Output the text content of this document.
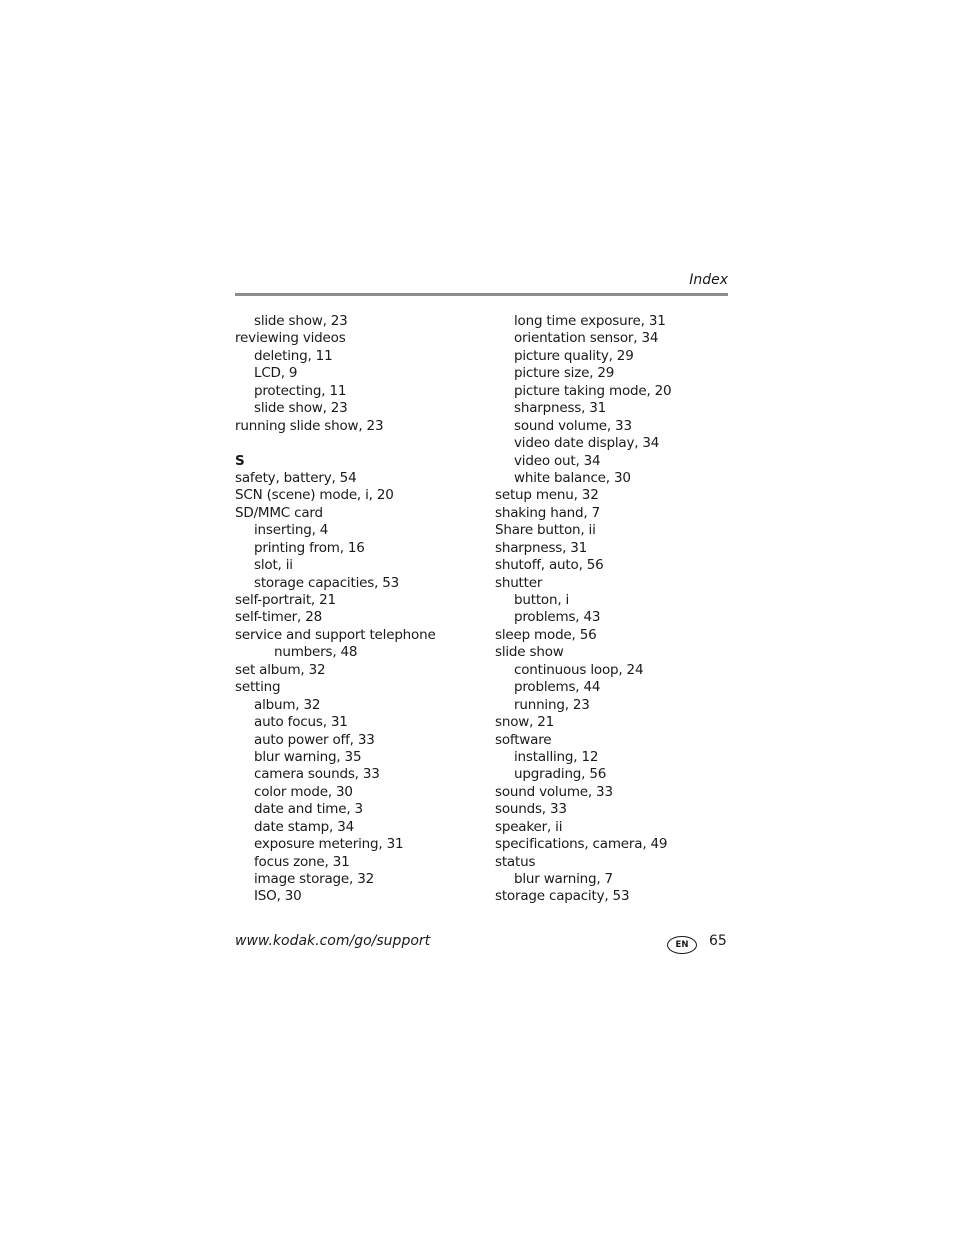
Index
slide show, 23
reviewing videos
deleting, 11
LCD, 9
protecting, 11
slide show, 23
running slide show, 23
S
safety, battery, 54
SCN (scene) mode, i, 20
SD/MMC card
inserting, 4
printing from, 16
slot, ii
storage capacities, 53
self-portrait, 21
self-timer, 28
service and support telephone
numbers, 48
set album, 32
setting
album, 32
auto focus, 31
auto power off, 33
blur warning, 35
camera sounds, 33
color mode, 30
date and time, 3
date stamp, 34
exposure metering, 31
focus zone, 31
image storage, 32
ISO, 30
long time exposure, 31
orientation sensor, 34
picture quality, 29
picture size, 29
picture taking mode, 20
sharpness, 31
sound volume, 33
video date display, 34
video out, 34
white balance, 30
setup menu, 32
shaking hand, 7
Share button, ii
sharpness, 31
shutoff, auto, 56
shutter
button, i
problems, 43
sleep mode, 56
slide show
continuous loop, 24
problems, 44
running, 23
snow, 21
software
installing, 12
upgrading, 56
sound volume, 33
sounds, 33
speaker, ii
specifications, camera, 49
status
blur warning, 7
storage capacity, 53
www.kodak.com/go/support	EN	65
